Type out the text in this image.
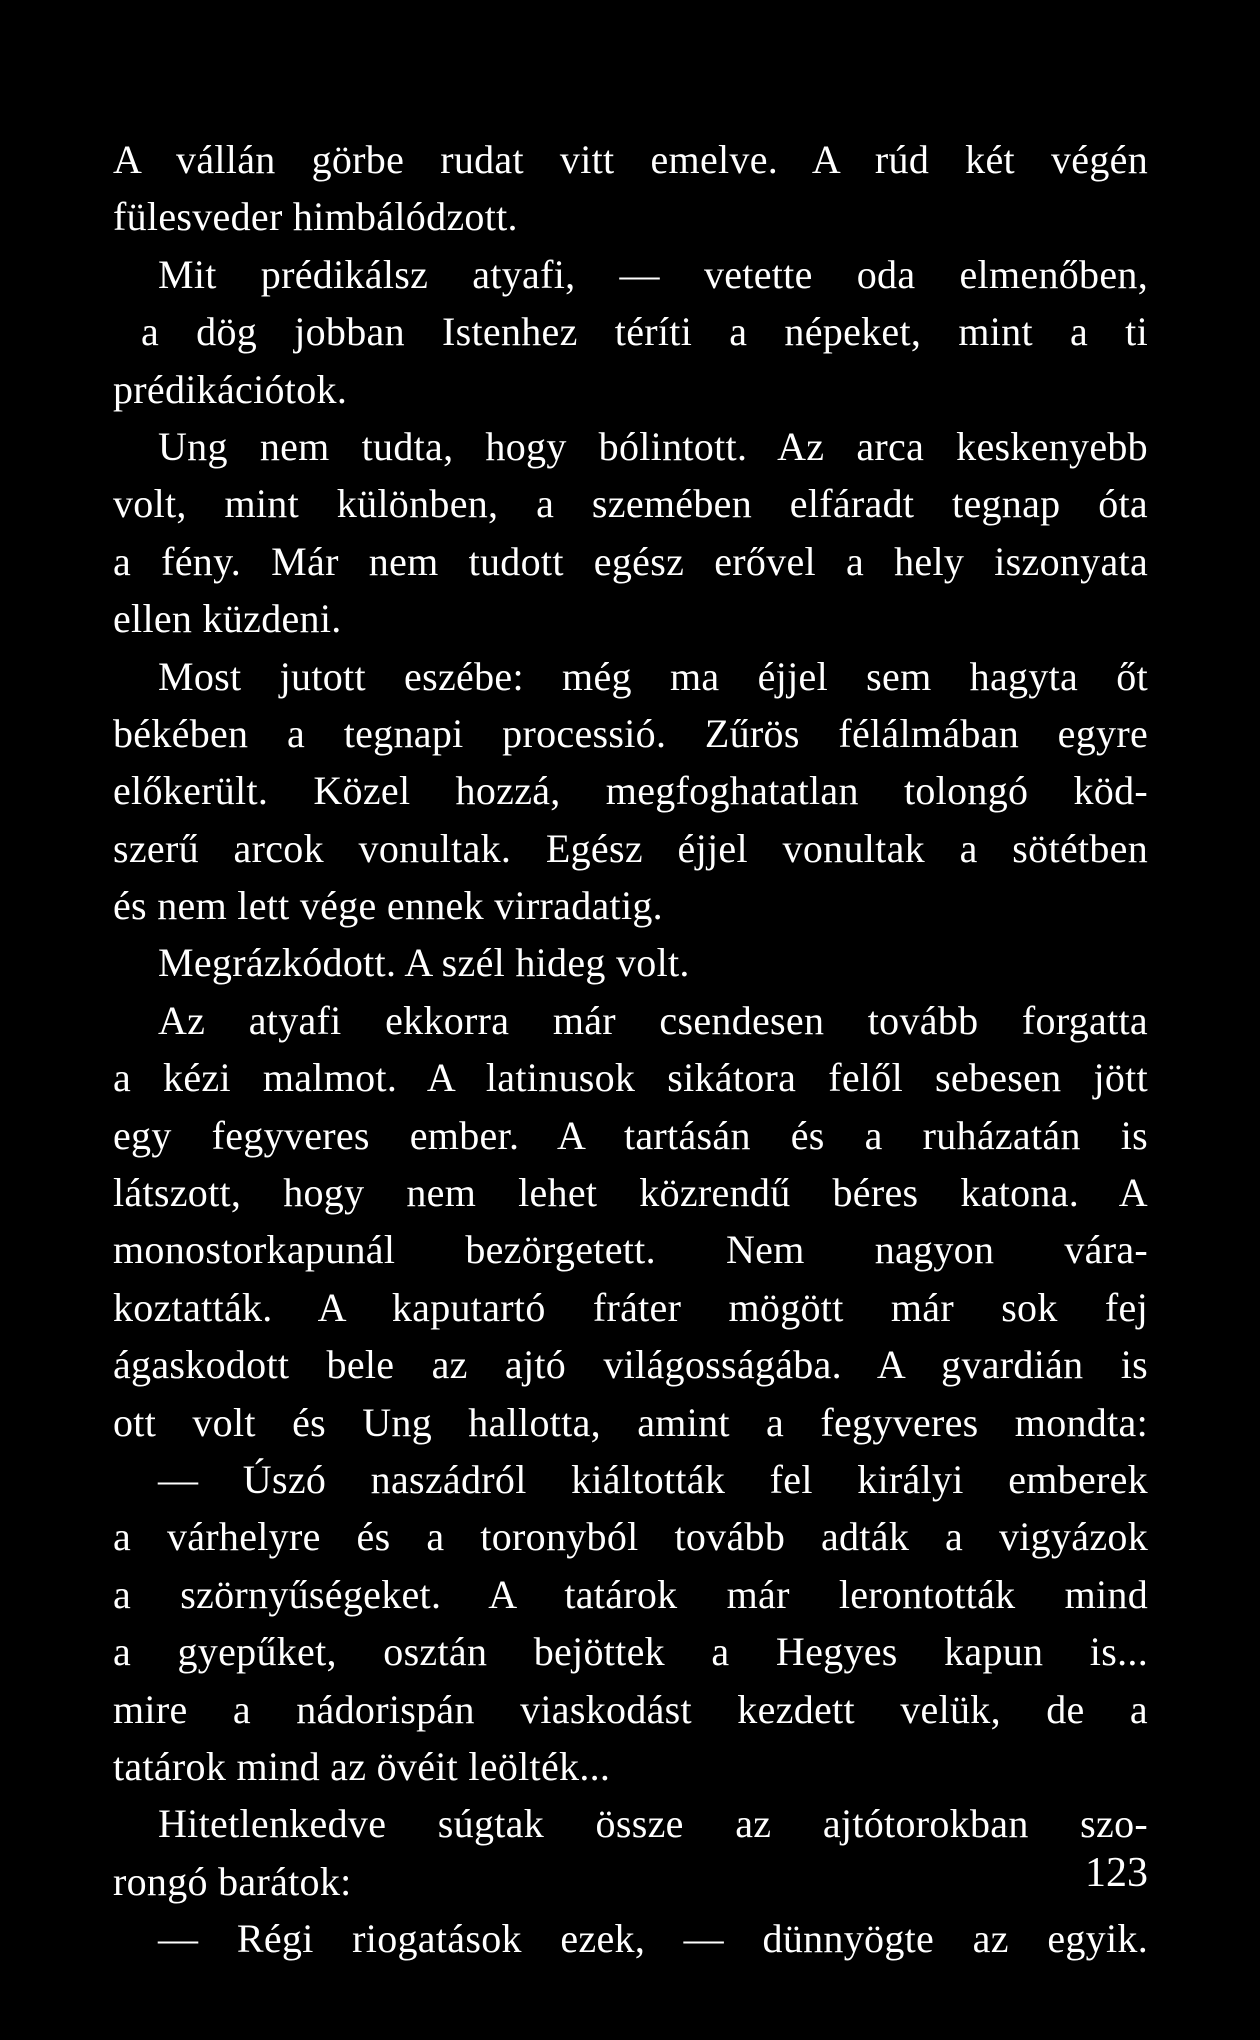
A vállán görbe rudat vitt emelve. A rúd két végén
fülesveder himbálódzott.
Mit prédikálsz atyafi, — vetette oda elmenőben,
a dög jobban Istenhez téríti a népeket, mint a ti
prédikációtok.
Ung nem tudta, hogy bólintott. Az arca keskenyebb
volt, mint különben, a szemében elfáradt tegnap óta
a fény. Már nem tudott egész erővel a hely iszonyata
ellen küzdeni.
Most jutott eszébe: még ma éjjel sem hagyta őt
békében a tegnapi processió. Zűrös félálmában egyre
előkerült. Közel hozzá, megfoghatatlan tolongó köd-
szerű arcok vonultak. Egész éjjel vonultak a sötétben
és nem lett vége ennek virradatig.
Megrázkódott. A szél hideg volt.
Az atyafi ekkorra már csendesen tovább forgatta
a kézi malmot. A latinusok sikátora felől sebesen jött
egy fegyveres ember. A tartásán és a ruházatán is
látszott, hogy nem lehet közrendű béres katona. A
monostorkapunál bezörgetett. Nem nagyon vára-
koztatták. A kaputartó fráter mögött már sok fej
ágaskodott bele az ajtó világosságába. A gvardián is
ott volt és Ung hallotta, amint a fegyveres mondta:
— Úszó naszádról kiáltották fel királyi emberek
a várhelyre és a toronyból tovább adták a vigyázok
a szörnyűségeket. A tatárok már lerontották mind
a gyepűket, osztán bejöttek a Hegyes kapun is...
mire a nádorispán viaskodást kezdett velük, de a
tatárok mind az övéit leölték...
Hitetlenkedve súgtak össze az ajtótorokban szo-
rongó barátok:
— Régi riogatások ezek, — dünnyögte az egyik.
123
